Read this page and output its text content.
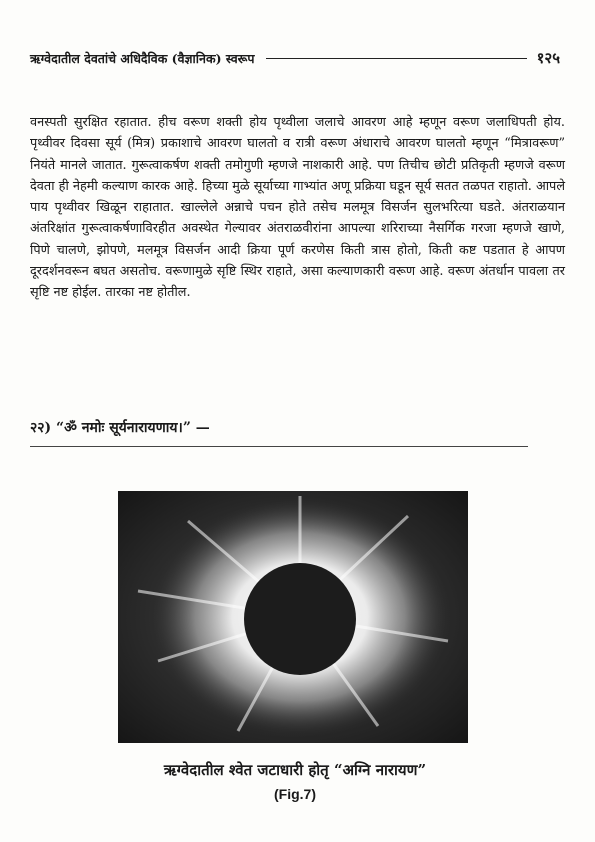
ऋग्वेदातील देवतांचे अधिदैविक (वैज्ञानिक) स्वरूप	१२५

वनस्पती सुरक्षित रहातात. हीच वरूण शक्ती होय पृथ्वीला जलाचे आवरण आहे म्हणून वरूण जलाधिपती होय. पृथ्वीवर दिवसा सूर्य (मित्र) प्रकाशाचे आवरण घालतो व रात्री वरूण अंधाराचे आवरण घालतो म्हणून “मित्रावरूण” नियंते मानले जातात. गुरूत्वाकर्षण शक्ती तमोगुणी म्हणजे नाशकारी आहे. पण तिचीच छोटी प्रतिकृती म्हणजे वरूण देवता ही नेहमी कल्याण कारक आहे. हिच्या मुळे सूर्याच्या गाभ्यांत अणू प्रक्रिया घडून सूर्य सतत तळपत राहातो. आपले पाय पृथ्वीवर खिळून राहातात. खाल्लेले अन्नाचे पचन होते तसेच मलमूत्र विसर्जन सुलभरित्या घडते. अंतराळयान अंतरिक्षांत गुरूत्वाकर्षणाविरहीत अवस्थेत गेल्यावर अंतराळवीरांना आपल्या शरिराच्या नैसर्गिक गरजा म्हणजे खाणे, पिणे चालणे, झोपणे, मलमूत्र विसर्जन आदी क्रिया पूर्ण करणेस किती त्रास होतो, किती कष्ट पडतात हे आपण दूरदर्शनवरून बघत असतोच. वरूणामुळे सृष्टि स्थिर राहाते, असा कल्याणकारी वरूण आहे. वरूण अंतर्धान पावला तर सृष्टि नष्ट होईल. तारका नष्ट होतील.

२२) “ॐ नमोः सूर्यनारायणाय।” —
ऋग्वेदातील श्वेत जटाधारी होतृ “अग्नि नारायण”
(Fig.7)
